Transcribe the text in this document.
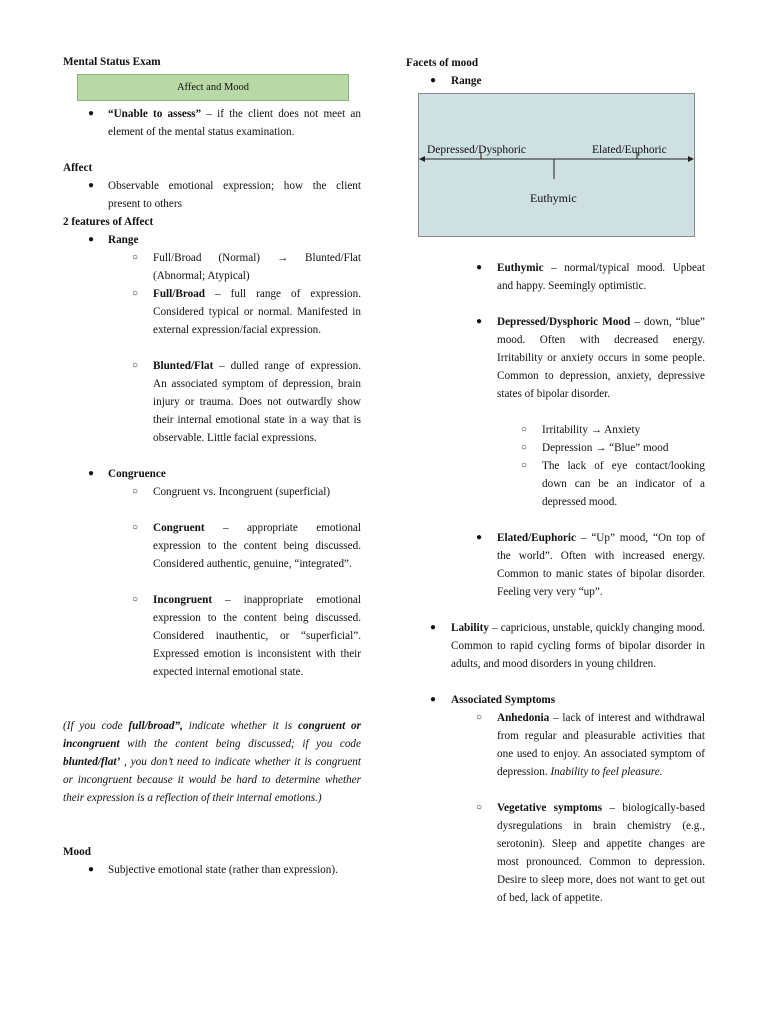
Mental Status Exam

Affect and Mood
● “Unable to assess” – if the client does not meet an element of the mental status examination.

Affect

● Observable emotional expression; how the client present to others

2 features of Affect

● Range

○ Full/Broad (Normal) → Blunted/Flat (Abnormal; Atypical)

○ Full/Broad – full range of expression. Considered typical or normal. Manifested in external expression/facial expression.

○ Blunted/Flat – dulled range of expression. An associated symptom of depression, brain injury or trauma. Does not outwardly show their internal emotional state in a way that is observable. Little facial expressions.

● Congruence

○ Congruent vs. Incongruent (superficial)

○ Congruent – appropriate emotional expression to the content being discussed. Considered authentic, genuine, “integrated”.

○ Incongruent – inappropriate emotional expression to the content being discussed. Considered inauthentic, or “superficial”. Expressed emotion is inconsistent with their expected internal emotional state.

(If you code full/broad”, indicate whether it is congruent or incongruent with the content being discussed; if you code blunted/flat’ , you don’t need to indicate whether it is congruent or incongruent because it would be hard to determine whether their expression is a reflection of their internal emotions.)

Mood

● Subjective emotional state (rather than expression).

Facets of mood

● Range

Depressed/Dysphoric	Elated/Euphoric
Euthymic
● Euthymic – normal/typical mood. Upbeat and happy. Seemingly optimistic.

● Depressed/Dysphoric Mood – down, “blue” mood. Often with decreased energy. Irritability or anxiety occurs in some people. Common to depression, anxiety, depressive states of bipolar disorder.

○ Irritability → Anxiety

○ Depression → “Blue” mood

○ The lack of eye contact/looking down can be an indicator of a depressed mood.

● Elated/Euphoric – “Up” mood, “On top of the world”. Often with increased energy. Common to manic states of bipolar disorder. Feeling very very “up”.

● Lability – capricious, unstable, quickly changing mood. Common to rapid cycling forms of bipolar disorder in adults, and mood disorders in young children.

● Associated Symptoms

○ Anhedonia – lack of interest and withdrawal from regular and pleasurable activities that one used to enjoy. An associated symptom of depression. Inability to feel pleasure.

○ Vegetative symptoms – biologically-based dysregulations in brain chemistry (e.g., serotonin). Sleep and appetite changes are most pronounced. Common to depression. Desire to sleep more, does not want to get out of bed, lack of appetite.
